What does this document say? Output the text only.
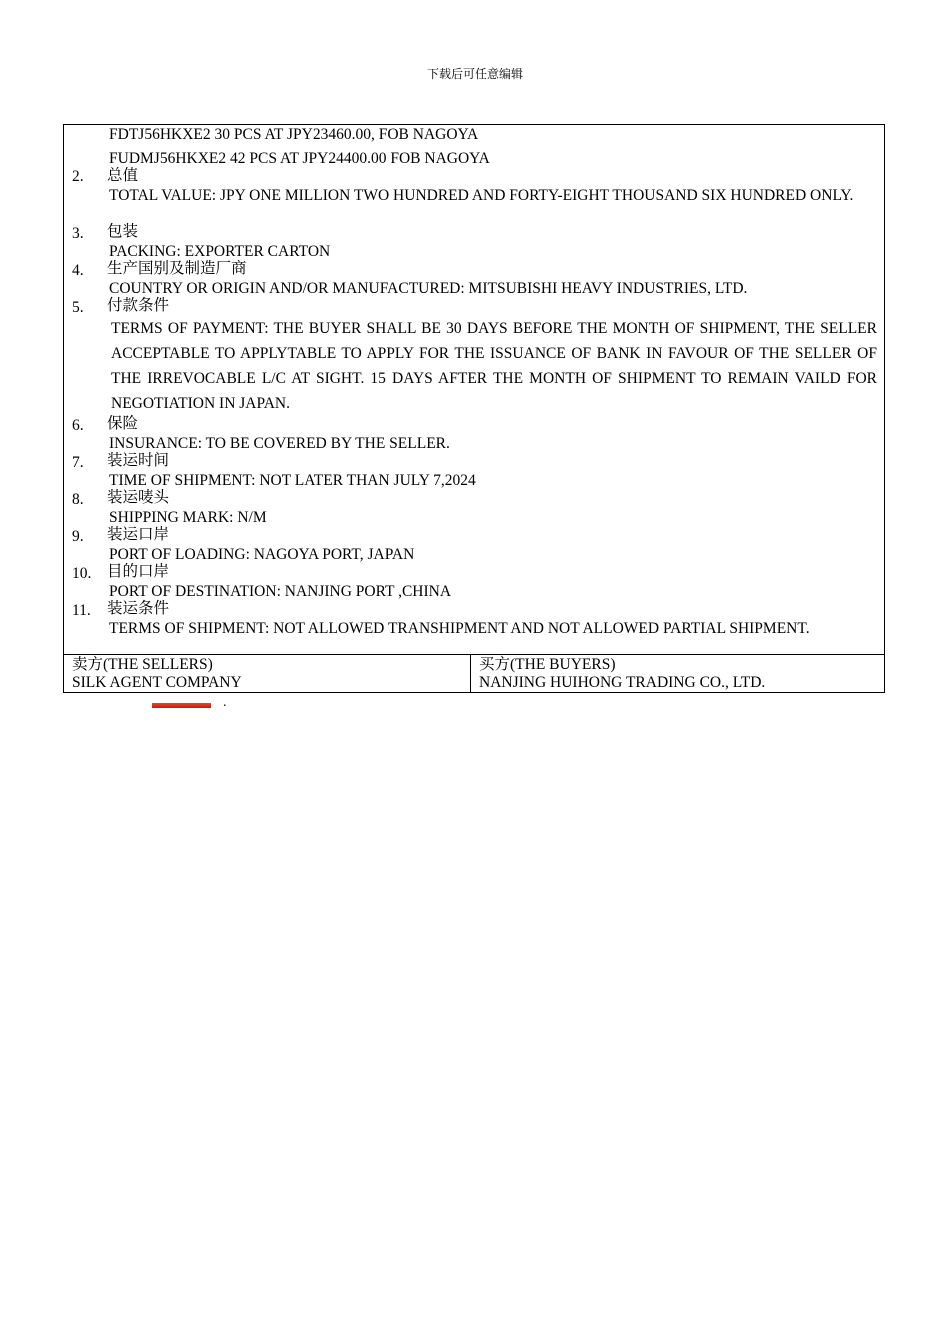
下载后可任意编辑
FDTJ56HKXE2 30 PCS AT JPY23460.00, FOB NAGOYA
FUDMJ56HKXE2 42 PCS AT JPY24400.00 FOB NAGOYA
2. 总值
TOTAL VALUE: JPY ONE MILLION TWO HUNDRED AND FORTY-EIGHT THOUSAND SIX HUNDRED ONLY.
3. 包装
PACKING: EXPORTER CARTON
4. 生产国别及制造厂商
COUNTRY OR ORIGIN AND/OR MANUFACTURED: MITSUBISHI HEAVY INDUSTRIES, LTD.
5. 付款条件
TERMS OF PAYMENT: THE BUYER SHALL BE 30 DAYS BEFORE THE MONTH OF SHIPMENT, THE SELLER ACCEPTABLE TO APPLYTABLE TO APPLY FOR THE ISSUANCE OF BANK IN FAVOUR OF THE SELLER OF THE IRREVOCABLE L/C AT SIGHT. 15 DAYS AFTER THE MONTH OF SHIPMENT TO REMAIN VAILD FOR NEGOTIATION IN JAPAN.
6. 保险
INSURANCE: TO BE COVERED BY THE SELLER.
7. 装运时间
TIME OF SHIPMENT: NOT LATER THAN JULY 7,2024
8. 装运唛头
SHIPPING MARK: N/M
9. 装运口岸
PORT OF LOADING: NAGOYA PORT, JAPAN
10. 目的口岸
PORT OF DESTINATION: NANJING PORT ,CHINA
11. 装运条件
TERMS OF SHIPMENT: NOT ALLOWED TRANSHIPMENT AND NOT ALLOWED PARTIAL SHIPMENT.
卖方(THE SELLERS)
SILK AGENT COMPANY
买方(THE BUYERS)
NANJING HUIHONG TRADING CO., LTD.
.
